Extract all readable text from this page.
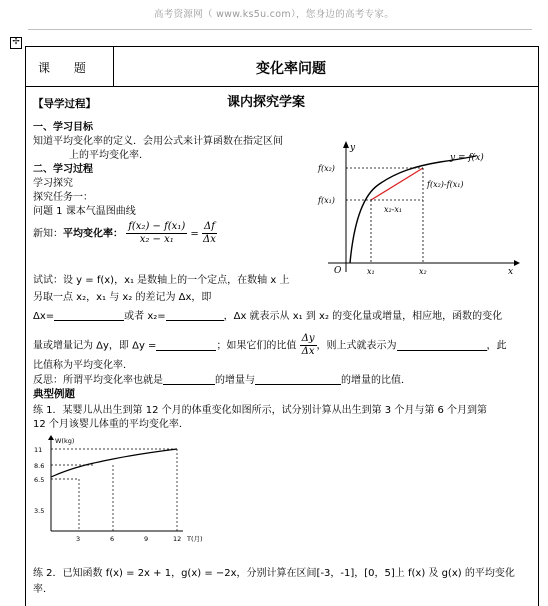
高考资源网（ www.ks5u.com），您身边的高考专家。
✢
课 题	变化率问题
【导学过程】	课内探究学案
一、学习目标
知道平均变化率的定义．会用公式来计算函数在指定区间
上的平均变化率．
二、学习过程
学习探究
探究任务一：
问题 1 课本气温图曲线
新知：平均变化率： $\frac{\text{f(x₂) − f(x₁)}}{\text{x₂ − x₁}} = \frac{\Delta f}{\Delta x}$
试试：设 y = f(x)，x₁ 是数轴上的一个定点，在数轴 x 上
另取一点 x₂，x₁ 与 x₂ 的差记为 Δx，即
Δx=	或者 x₂=	，Δx 就表示从 x₁ 到 x₂ 的变化量或增量，相应地，函数的变化
量或增量记为 Δy，即 Δy =	；如果它们的比值 $\frac{\Delta y}{\Delta x}$ ，则上式就表示为	，此
比值称为平均变化率．
反思：所谓平均变化率也就是	的增量与	的增量的比值．
典型例题
练 1．某婴儿从出生到第 12 个月的体重变化如图所示，试分别计算从出生到第 3 个月与第 6 个月到第
12 个月该婴儿体重的平均变化率．
练 2．已知函数 f(x) = 2x + 1，g(x) = −2x，分别计算在区间[-3，-1]，[0，5]上 f(x) 及 g(x) 的平均变化
率．
y = f(x)
f(x₂)
f(x₁)
f(x₂)-f(x₁)
x₂-x₁
O	x₁	x₂	x
y
W(kg)
11
8.6
6.5
3.5
3	6	9	12 T(月)
